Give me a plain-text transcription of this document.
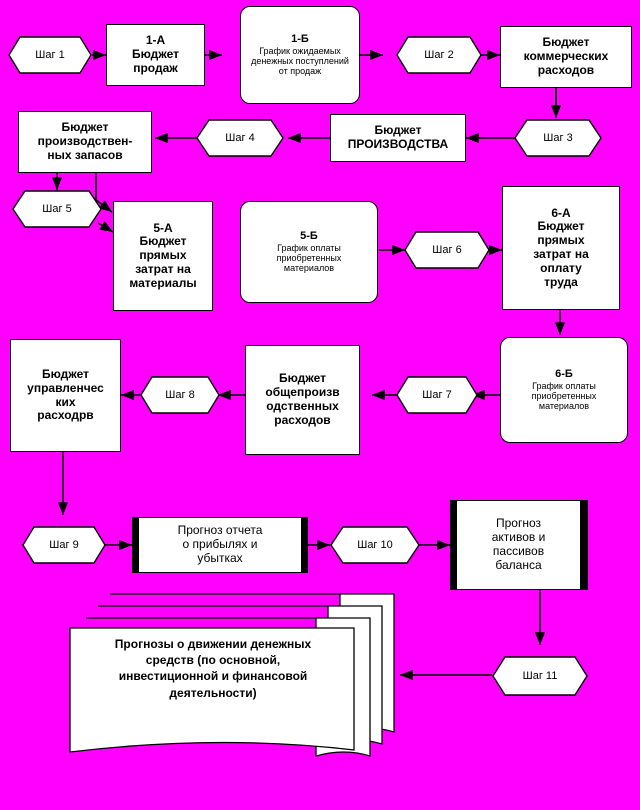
Шаг 1
1-А
Бюджет
продаж
1-Б
График ожидаемых денежных поступлений от продаж
Шаг 2
Бюджет
коммерческих
расходов
Шаг 3
Бюджет
ПРОИЗВОДСТВА
Шаг 4
Бюджет
производствен-
ных запасов
Шаг 5
5-А
Бюджет
прямых
затрат на
материалы
5-Б
График оплаты приобретенных материалов
Шаг 6
6-А
Бюджет
прямых
затрат на
оплату
труда
6-Б
График оплаты приобретенных материалов
Шаг 7
Бюджет
общепроизв
одственных
расходов
Шаг 8
Бюджет
управленчес
ких
расходрв
Шаг 9
Прогноз отчета
о прибылях и
убытках
Шаг 10
Прогноз
активов и
пассивов
баланса
Шаг 11
Прогнозы о движении денежных
средств (по основной,
инвестиционной и финансовой
деятельности)
